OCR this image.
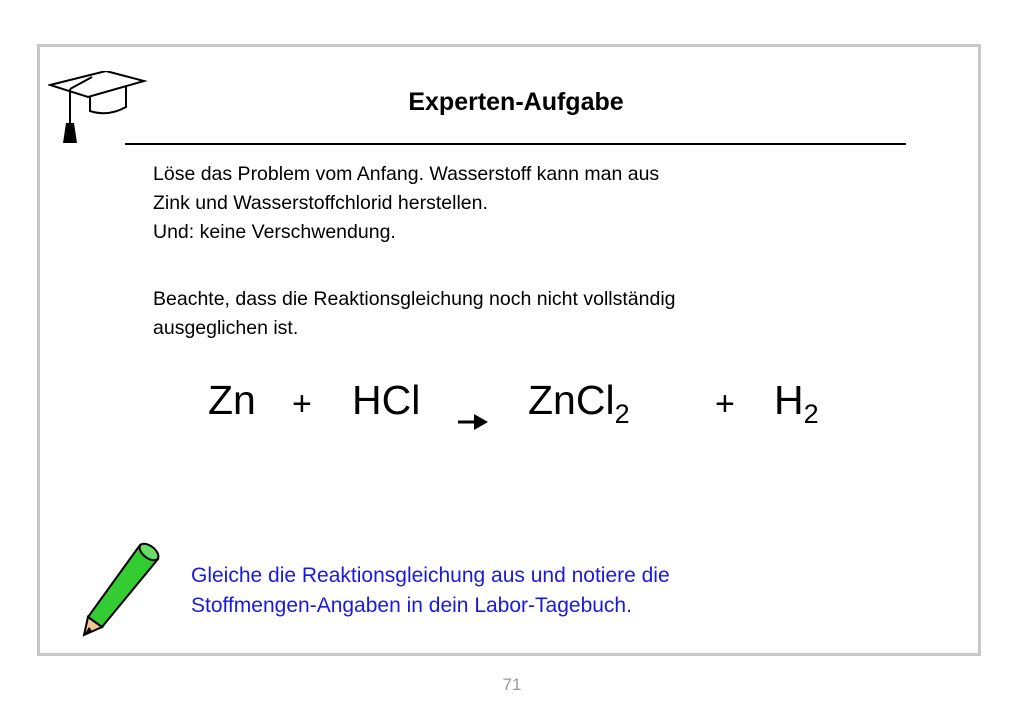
Experten-Aufgabe
Löse das Problem vom Anfang. Wasserstoff kann man aus
Zink und Wasserstoffchlorid herstellen.
Und: keine Verschwendung.
Beachte, dass die Reaktionsgleichung noch nicht vollständig
ausgeglichen ist.
Zn + HCl → ZnCl$_2$	+ $H_2$
Gleiche die Reaktionsgleichung aus und notiere die
Stoffmengen-Angaben in dein Labor-Tagebuch.
71
